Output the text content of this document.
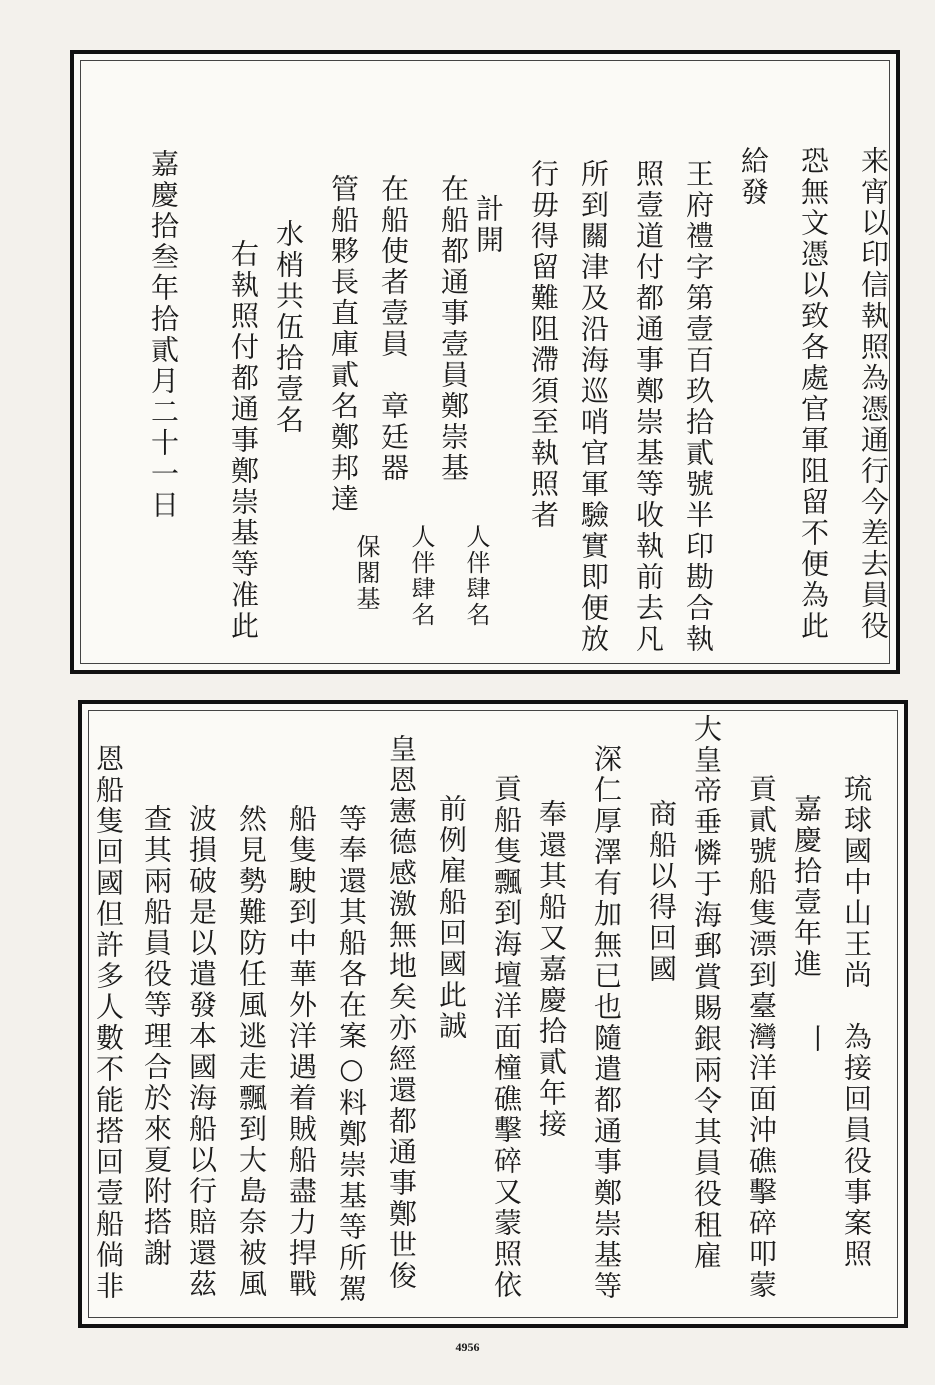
来宵以印信執照為憑通行今差去員役
恐無文憑以致各處官軍阻留不便為此
給發
王府禮字第壹百玖拾貳號半印勘合執
照壹道付都通事鄭崇基等收執前去凡
所到關津及沿海巡哨官軍驗實即便放
行毋得留難阻滯須至執照者
計開
在船都通事壹員鄭崇基
在船使者壹員　章廷器
管船夥長直庫貳名鄭邦達
水梢共伍拾壹名
右執照付都通事鄭崇基等准此
嘉慶拾叁年拾貳月二十一日
人伴肆名
人伴肆名
保閣基
琉球國中山王尚　為接回員役事案照
嘉慶拾壹年進
貢貳號船隻漂到臺灣洋面沖礁擊碎叩蒙
大皇帝垂憐于海郵賞賜銀兩令其員役租雇
商船以得回國
深仁厚澤有加無已也隨遣都通事鄭崇基等
奉還其船又嘉慶拾貳年接
貢船隻飄到海壇洋面橦礁擊碎又蒙照依
前例雇船回國此誠
皇恩憲德感激無地矣亦經還都通事鄭世俊
等奉還其船各在案○料鄭崇基等所駕
船隻駛到中華外洋遇着賊船盡力捍戰
然見勢難防任風逃走飄到大島奈被風
波損破是以遣發本國海船以行賠還茲
查其兩船員役等理合於來夏附搭謝
恩船隻回國但許多人數不能搭回壹船倘非	丨
4956
